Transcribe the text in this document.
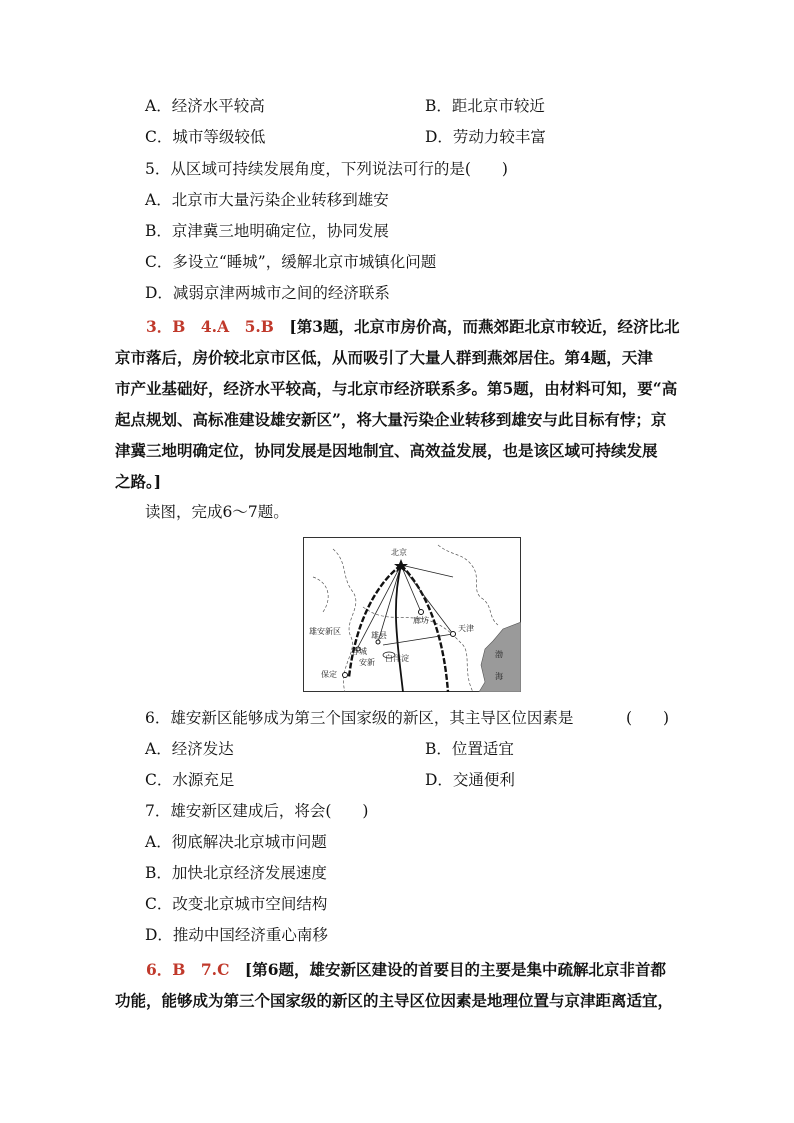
A．经济水平较高	B．距北京市较近
C．城市等级较低	D．劳动力较丰富
5．从区域可持续发展角度，下列说法可行的是(　　)
A．北京市大量污染企业转移到雄安
B．京津冀三地明确定位，协同发展
C．多设立“睡城”，缓解北京市城镇化问题
D．减弱京津两城市之间的经济联系
3．B　4.A　5.B　 [第3题，北京市房价高，而燕郊距北京市较近，经济比北
京市落后，房价较北京市区低，从而吸引了大量人群到燕郊居住。第4题，天津
市产业基础好，经济水平较高，与北京市经济联系多。第5题，由材料可知，要“高
起点规划、高标准建设雄安新区”，将大量污染企业转移到雄安与此目标有悖；京
津冀三地明确定位，协同发展是因地制宜、高效益发展，也是该区域可持续发展
之路。]
读图，完成6～7题。
北京
廊坊
天津
雄安新区	雄县
容城
安新 白洋淀
保定
渤
海
6．雄安新区能够成为第三个国家级的新区，其主导区位因素是	(　　)
A．经济发达	B．位置适宜
C．水源充足	D．交通便利
7．雄安新区建成后，将会(　　)
A．彻底解决北京城市问题
B．加快北京经济发展速度
C．改变北京城市空间结构
D．推动中国经济重心南移
6．B　7.C　 [第6题，雄安新区建设的首要目的主要是集中疏解北京非首都
功能，能够成为第三个国家级的新区的主导区位因素是地理位置与京津距离适宜，
